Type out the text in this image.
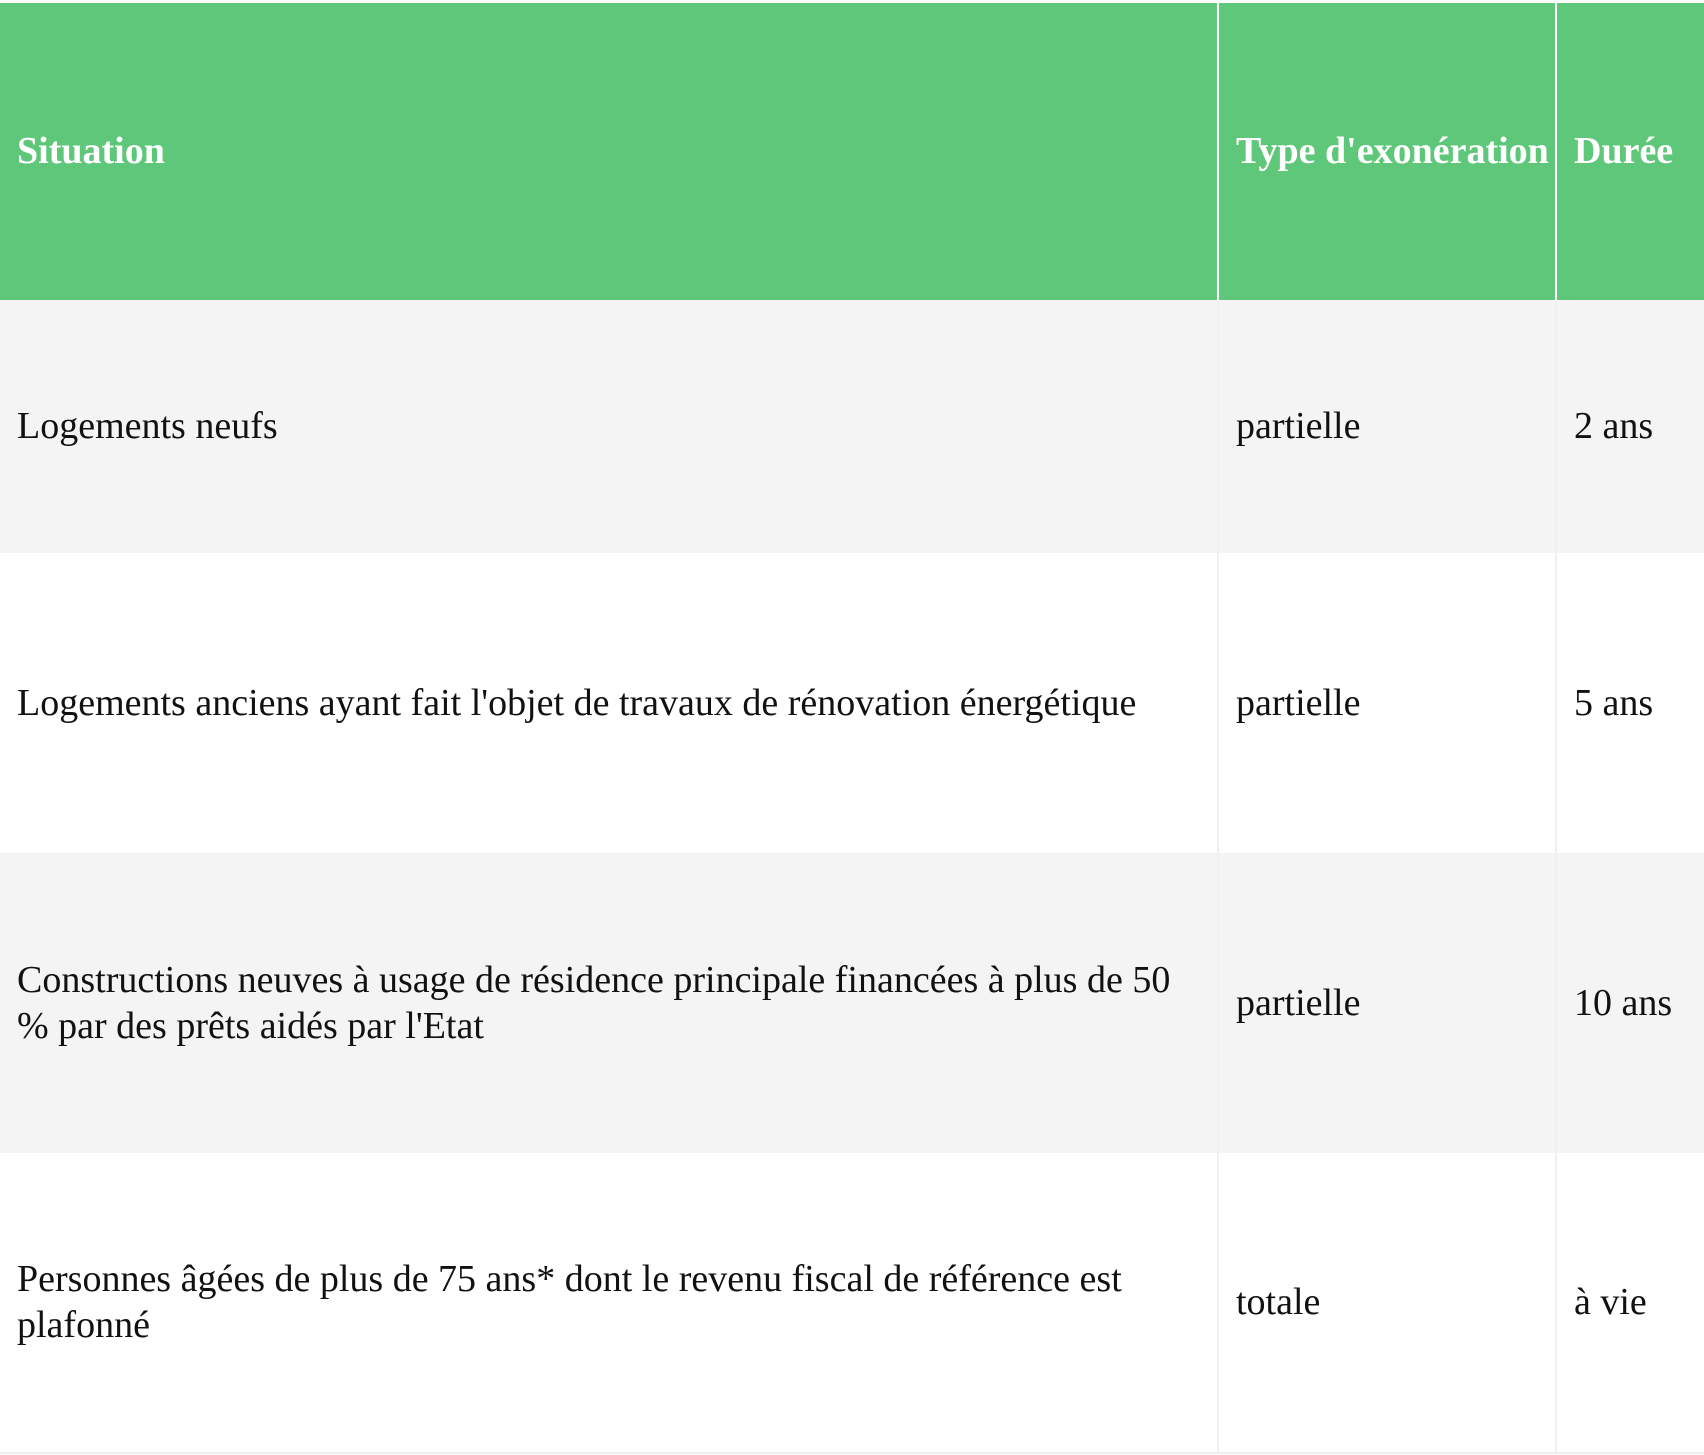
Situation	Type d'exonération	Durée
Logements neufs	partielle	2 ans
Logements anciens ayant fait l'objet de travaux de rénovation énergétique	partielle	5 ans
Constructions neuves à usage de résidence principale financées à plus de 50 % par des prêts aidés par l'Etat	partielle	10 ans
Personnes âgées de plus de 75 ans* dont le revenu fiscal de référence est plafonné	totale	à vie
